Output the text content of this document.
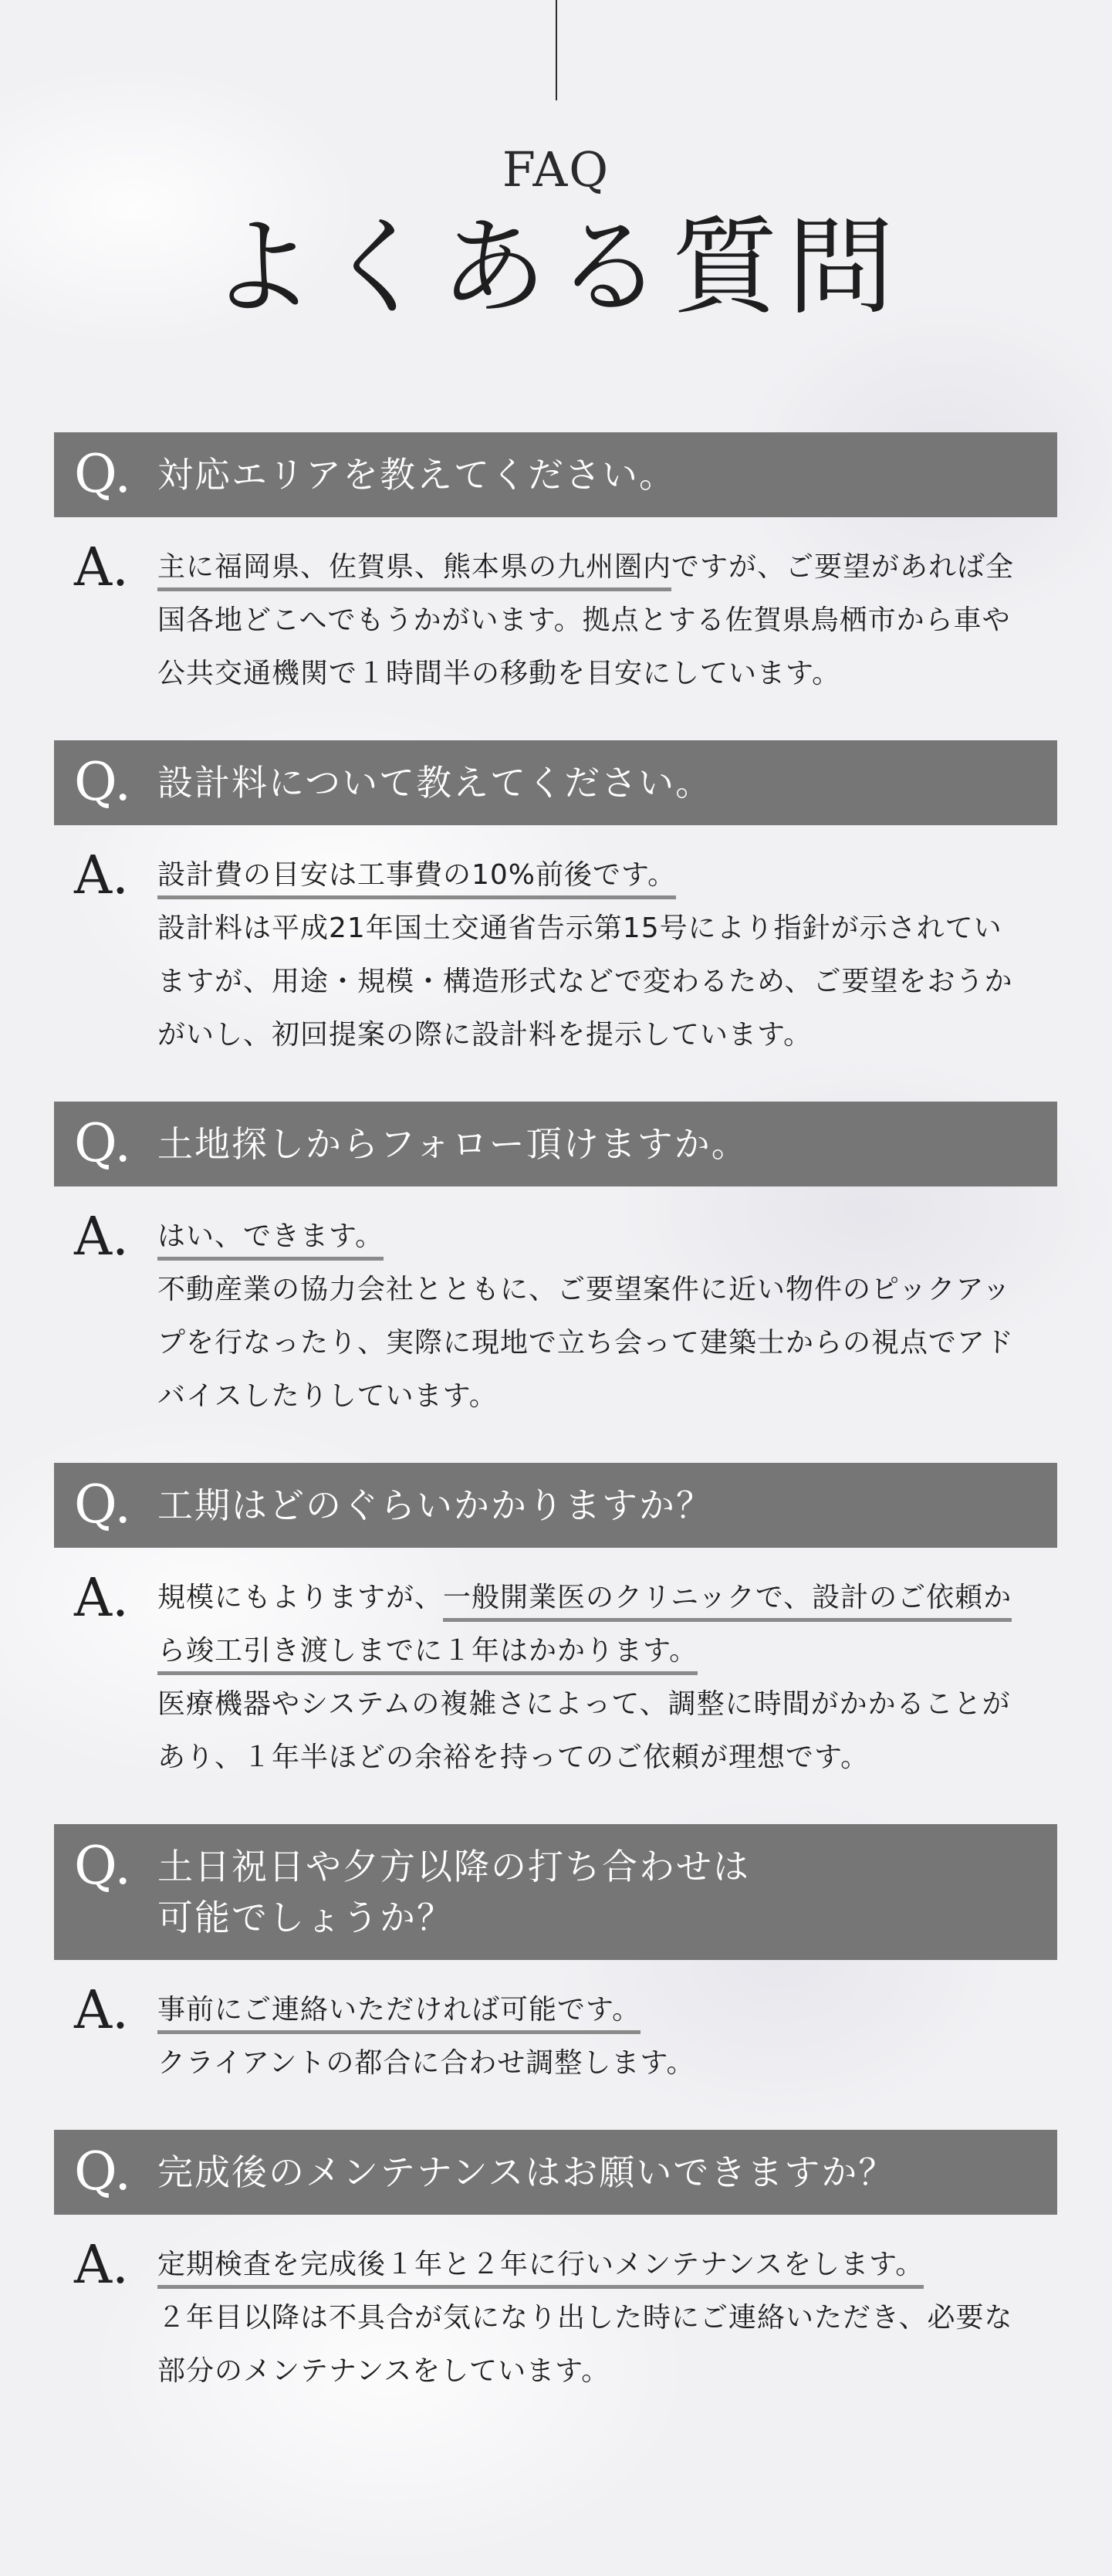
FAQ
よくある質問
Q. 対応エリアを教えてください。
A.	主に福岡県、佐賀県、熊本県の九州圏内ですが、ご要望があれば全国各地どこへでもうかがいます。拠点とする佐賀県鳥栖市から車や公共交通機関で１時間半の移動を目安にしています。
Q. 設計料について教えてください。
A.	設計費の目安は工事費の10%前後です。
設計料は平成21年国土交通省告示第15号により指針が示されていますが、用途・規模・構造形式などで変わるため、ご要望をおうかがいし、初回提案の際に設計料を提示しています。
Q. 土地探しからフォロー頂けますか。
A.	はい、できます。
不動産業の協力会社とともに、ご要望案件に近い物件のピックアップを行なったり、実際に現地で立ち会って建築士からの視点でアドバイスしたりしています。
Q. 工期はどのぐらいかかりますか？
A.	規模にもよりますが、一般開業医のクリニックで、設計のご依頼から竣工引き渡しまでに１年はかかります。
医療機器やシステムの複雑さによって、調整に時間がかかることがあり、１年半ほどの余裕を持ってのご依頼が理想です。
Q. 土日祝日や夕方以降の打ち合わせは
可能でしょうか？
A.	事前にご連絡いただければ可能です。
クライアントの都合に合わせ調整します。
Q. 完成後のメンテナンスはお願いできますか？
A.	定期検査を完成後１年と２年に行いメンテナンスをします。
２年目以降は不具合が気になり出した時にご連絡いただき、必要な部分のメンテナンスをしています。
